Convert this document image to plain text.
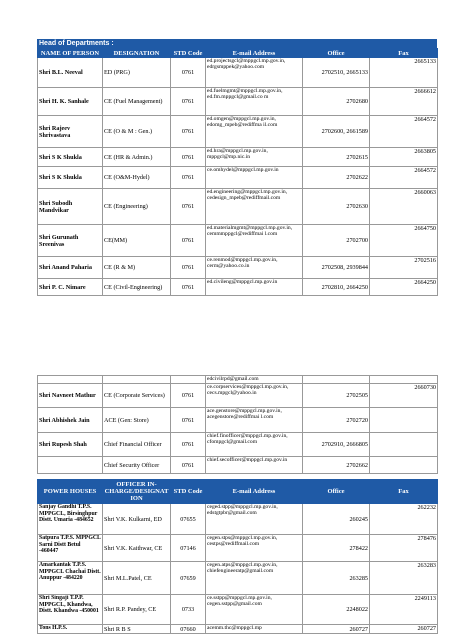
Head of Departments :
NAME OF PERSON	DESIGNATION	STD Code	E-mail Address	Office	Fax
Shri B.L. Neeval	ED (PRG)	0761	ed.projectsgcl@mppgcl.mp.gov.in, edrgsmppek@yahoo.com	2702510, 2665133	2665133
Shri H. K. Sanhale	CE (Fuel Management)	0761	ed.fuelmgmt@mppgcl.mp.gov.in, ed.fm.mppgcl@gmail.co m	2702680	2666612
Shri Rajeev Shrivastava	CE (O & M : Gen.)	0761	ed.omgen@mppgcl.mp.gov.in, edomg_mpeb@rediffma il.com	2702600, 2661589	2664572
Shri S K Shukla	CE (HR & Admin.)	0761	ed.hra@mppgcl.mp.gov.in, mppgcl@mp.nic.in	2702615	2663805
Shri S K Shukla	CE (O&M-Hydel)	0761	ce.omhydel@mppgcl.mp.gov.in	2702622	2664572
Shri Subodh Mandvikar	CE (Engineering)	0761	ed.engineering@mppgcl.mp.gov.in, cedesign_mpeb@rediffmail.com	2702630	2660063
Shri Gurunath Sreenivas	CE(MM)	0761	ed.materialmgmt@mppgcl.mp.gov.in, cemmmppgcl@rediffmai l.com	2702700	2664750
Shri Anand Paharia	CE (R & M)	0761	ce.renmod@mppgcl.mp.gov.in, cerm@yahoo.co.in	2702508, 2939844	2702516
Shri P. C. Nimare	CE (Civil-Engineering)	0761	ed.civileng@mppgcl.mp.gov.in	2702810, 2664250	2664250
			edcivilrpd@gmail.com		
Shri Navneet Mathur	CE (Corporate Services)	0761	ce.corpservices@mppgcl.mp.gov.in, cecs.mpgcl@yahoo.in	2702505	2660730
Shri Abhishek Jain	ACE (Gen: Store)	0761	ace.genstore@mppgcl.mp.gov.in, acegenstore@rediffmai l.com	2702720	
Shri Rupesh Shah	Chief Financial Officer	0761	chief.finofficer@mppgcl.mp.gov.in, cfompgcl@gmail.com	2702910, 2666805	
	Chief Security Officer	0761	chief.secofficer@mppgcl.mp.gov.in	2702662	
POWER HOUSES	OFFICER IN-CHARGE/DESIGNATION	STD Code	E-mail Address	Office	Fax
Sanjay Gandhi T.P.S. MPPGCL, Birsinghpur Distt. Umaria -484652	Shri V.K. Kulkarni, ED	07655	ceged.stpp@mppgcl.mp.gov.in, edstgtpbr@gmail.com	260245	262232
Satpura T.P.S. MPPGCL Sarni Distt Betul -460447	Shri V.K. Kaithwar, CE	07146	cegen.stps@mppgcl.mp.gov.in, cestps@rediffmail.com	278422	278476
Amarkantak T.P.S. MPPGCL Chachai Distt. Anuppur -484220	Shri M.L.Patel, CE	07659	cegen.atps@mppgcl.mp.gov.in, chiefengineeratp@gmail.com	263285	263283
Shri Singaji T.P.P. MPPGCL, Khandwa, Distt. Khandwa -450001	Shri R.P. Pandey, CE	0733	ce.sstpp@mppgcl.mp.gov.in, cegen.sstpp@gmail.com	2248022	2249113
Tons H.P.S.	Shri R B S	07660	acemm.thc@mppgcl.mp	260727	260727
